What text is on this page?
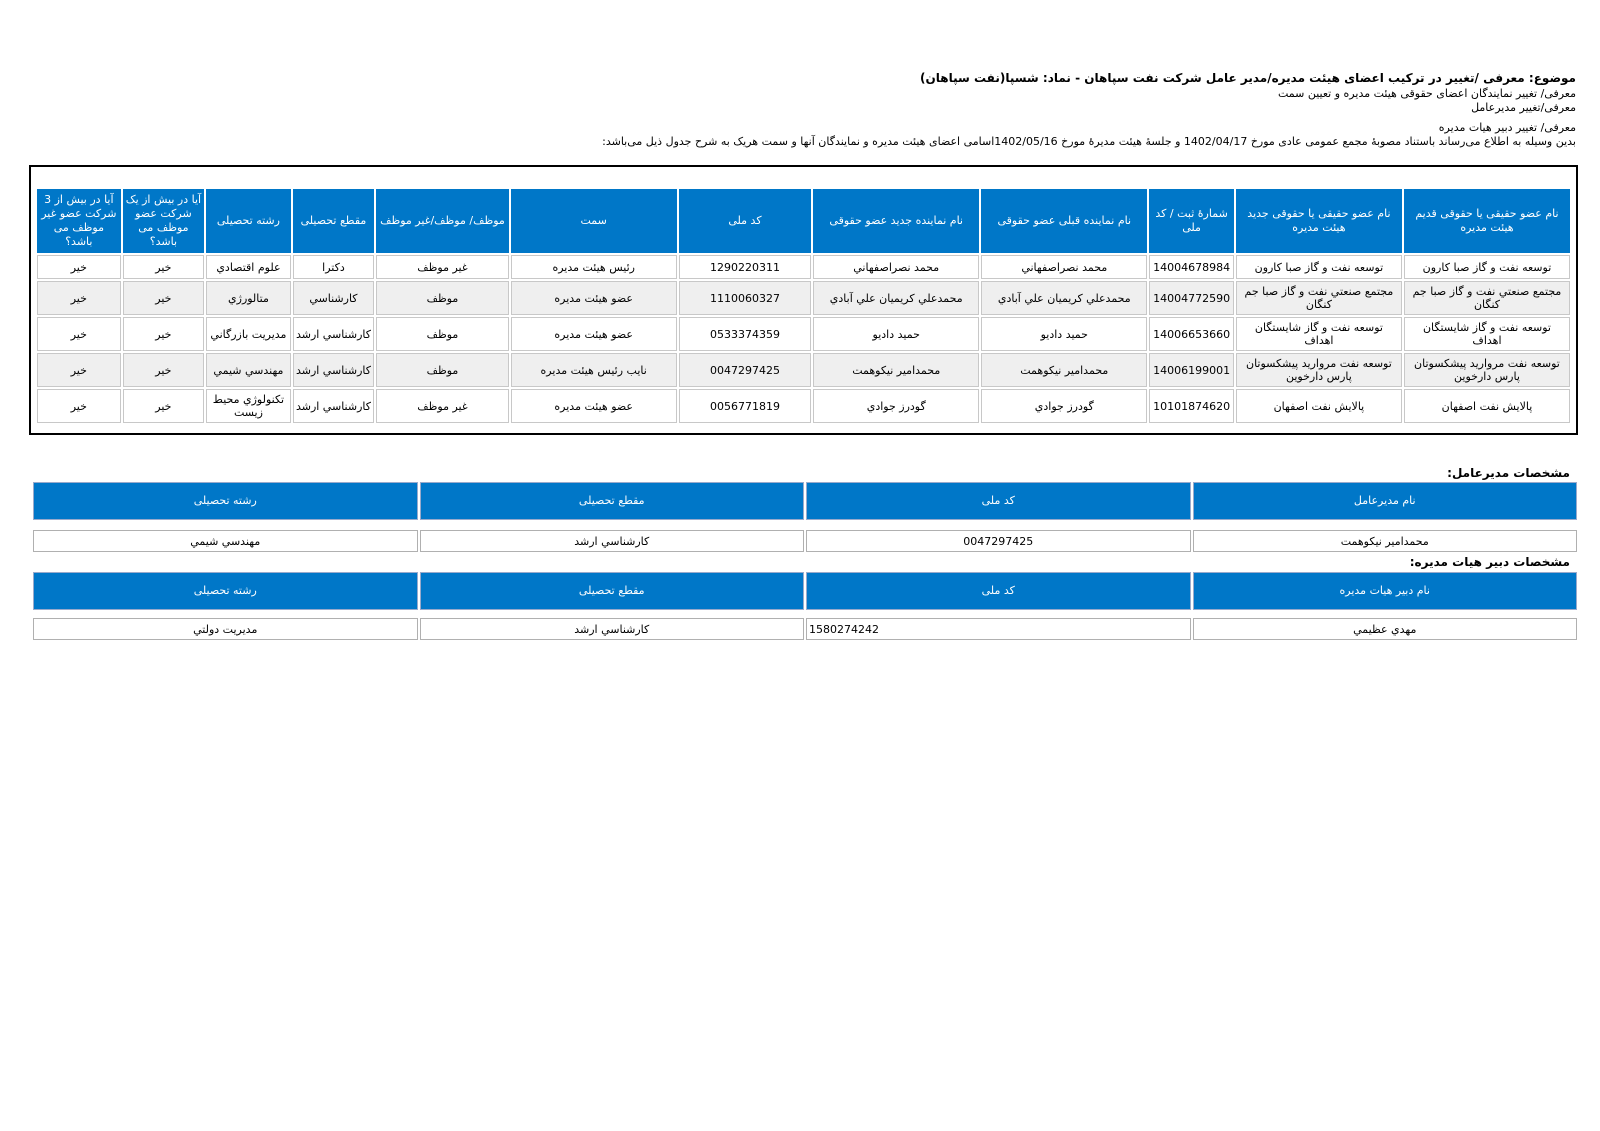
موضوع: معرفی /تغییر در ترکیب اعضای هیئت مدیره/مدیر عامل شرکت نفت سپاهان - نماد: شسپا(نفت سپاهان)
معرفی/ تغییر نمایندگان اعضای حقوقی هیئت مدیره و تعیین سمت
معرفی/تغییر مدیرعامل
معرفی/ تغییر دبیر هیات مدیره
بدین وسیله به اطلاع می‌رساند باستناد مصوبۀ مجمع عمومی عادی مورخ 1402/04/17 و جلسۀ هیئت مدیرۀ مورخ 1402/05/16اسامی اعضای هیئت مدیره و نمایندگان آنها و سمت هریک به شرح جدول ذیل می‌باشد:
نام عضو حقیقی یا حقوقی قدیم هیئت مدیره	نام عضو حقیقی یا حقوقی جدید هیئت مدیره	شمارۀ ثبت / کد ملی	نام نماینده قبلی عضو حقوقی	نام نماینده جدید عضو حقوقی	کد ملی	سمت	موظف/ موظف/غیر موظف	مقطع تحصیلی	رشته تحصیلی	آیا در بیش از یک شرکت عضو موظف می باشد؟	آیا در بیش از 3 شرکت عضو غیر موظف می باشد؟
توسعه نفت و گاز صبا کارون	توسعه نفت و گاز صبا کارون	14004678984	محمد نصراصفهاني	محمد نصراصفهاني	1290220311	رئیس هیئت مدیره	غیر موظف	دکترا	علوم اقتصادي	خیر	خیر
مجتمع صنعتي نفت و گاز صبا جم کنگان	مجتمع صنعتي نفت و گاز صبا جم کنگان	14004772590	محمدعلي کریمیان علي آبادي	محمدعلي کریمیان علي آبادي	1110060327	عضو هیئت مدیره	موظف	کارشناسي	متالورژي	خیر	خیر
توسعه نفت و گاز شایستگان اهداف	توسعه نفت و گاز شایستگان اهداف	14006653660	حمید دادیو	حمید دادیو	0533374359	عضو هیئت مدیره	موظف	کارشناسي ارشد	مدیریت بازرگاني	خیر	خیر
توسعه نفت مروارید پیشکسوتان پارس دارخوین	توسعه نفت مروارید پیشکسوتان پارس دارخوین	14006199001	محمدامیر نیکوهمت	محمدامیر نیکوهمت	0047297425	نایب رئیس هیئت مدیره	موظف	کارشناسي ارشد	مهندسي شیمي	خیر	خیر
پالایش نفت اصفهان	پالایش نفت اصفهان	10101874620	گودرز جوادي	گودرز جوادي	0056771819	عضو هیئت مدیره	غیر موظف	کارشناسي ارشد	تکنولوژي محیط زیست	خیر	خیر
مشخصات مدیرعامل:
نام مدیرعامل	کد ملی	مقطع تحصیلی	رشته تحصیلی

محمدامیر نیکوهمت	0047297425	کارشناسي ارشد	مهندسي شیمي
مشخصات دبیر هیات مدیره:
نام دبیر هیات مدیره	کد ملی	مقطع تحصیلی	رشته تحصیلی

مهدي عظیمي	1580274242	کارشناسي ارشد	مدیریت دولتي
